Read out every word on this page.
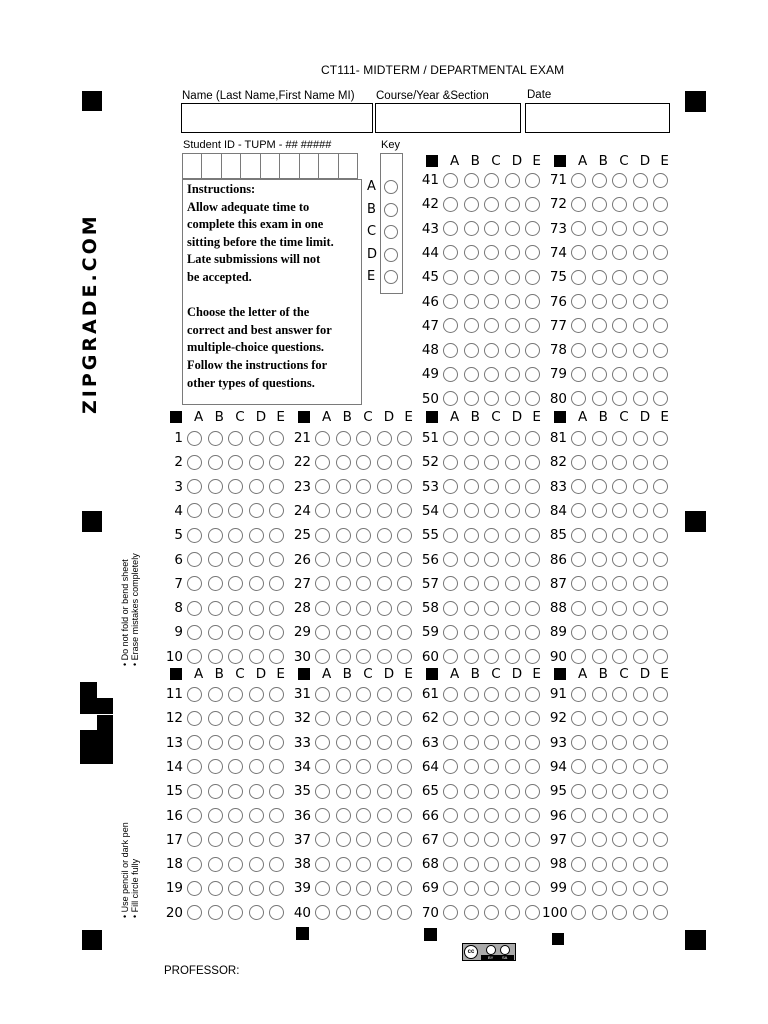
CT111- MIDTERM / DEPARTMENTAL EXAM
Name (Last Name,First Name MI) Course/Year &Section	Date
Student ID - TUPM - ## #####
Instructions:
Allow adequate time to
complete this exam in one
sitting before the time limit.
Late submissions will not
be accepted.

Choose the letter of the
correct and best answer for
multiple-choice questions.
Follow the instructions for
other types of questions.
Key
A
B
C
D
E
A B C D E
41
42
43
44
45
46
47
48
49
50
A B C D E
71
72
73
74
75
76
77
78
79
80
A B C D E
1
2
3
4
5
6
7
8
9
10
A B C D E
21
22
23
24
25
26
27
28
29
30
A B C D E
51
52
53
54
55
56
57
58
59
60
A B C D E
81
82
83
84
85
86
87
88
89
90
A B C D E
11
12
13
14
15
16
17
18
19
20
A B C D E
31
32
33
34
35
36
37
38
39
40
A B C D E
61
62
63
64
65
66
67
68
69
70
A B C D E
91
92
93
94
95
96
97
98
99
100
ZIPGRADE.COM
• Do not fold or bend sheet • Erase mistakes completely
• Use pencil or dark pen • Fill circle fully
cc
BY SA
PROFESSOR:
